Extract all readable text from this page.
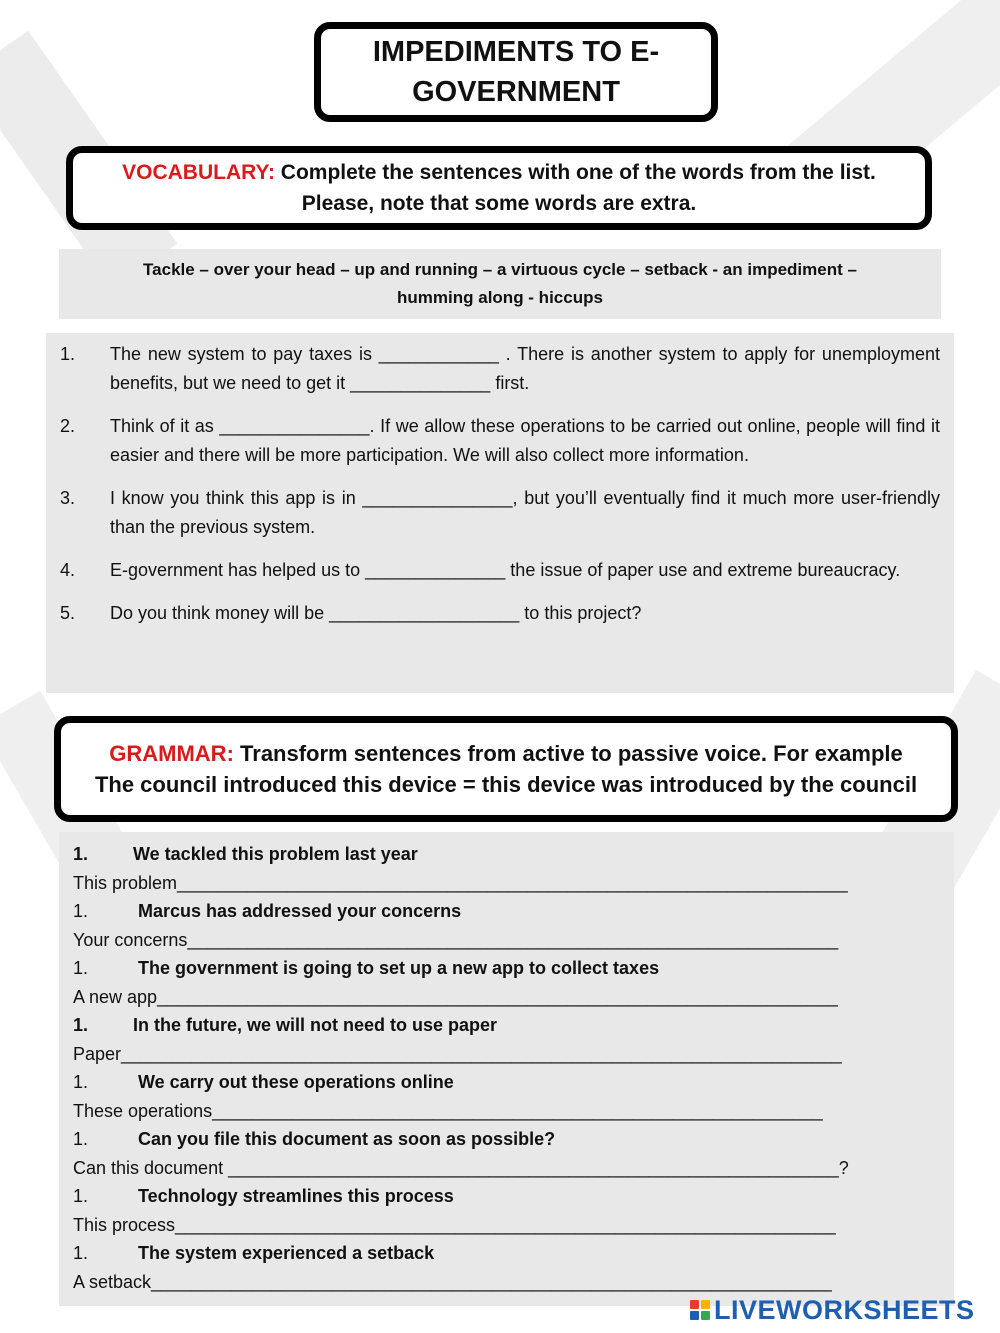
IMPEDIMENTS TO E-
GOVERNMENT
VOCABULARY: Complete the sentences with one of the words from the list.
Please, note that some words are extra.
Tackle – over your head – up and running – a virtuous cycle – setback - an impediment –
humming along - hiccups
1.	The new system to pay taxes is ____________ . There is another system to apply for unemployment benefits, but we need to get it ______________ first.
2.	Think of it as _______________. If we allow these operations to be carried out online, people will find it easier and there will be more participation. We will also collect more information.
3.	I know you think this app is in _______________, but you’ll eventually find it much more user-friendly than the previous system.
4.	E-government has helped us to ______________ the issue of paper use and extreme bureaucracy.
5.	Do you think money will be ___________________ to this project?
GRAMMAR: Transform sentences from active to passive voice. For example
The council introduced this device = this device was introduced by the council
1.	We tackled this problem last year
This problem___________________________________________________________________
1.	Marcus has addressed your concerns
Your concerns_________________________________________________________________
1.	The government is going to set up a new app to collect taxes
A new app____________________________________________________________________
1.	In the future, we will not need to use paper
Paper________________________________________________________________________
1.	We carry out these operations online
These operations_____________________________________________________________
1.	Can you file this document as soon as possible?
Can this document _____________________________________________________________?
1.	Technology streamlines this process
This process__________________________________________________________________
1.	The system experienced a setback
A setback____________________________________________________________________
LIVEWORKSHEETS
